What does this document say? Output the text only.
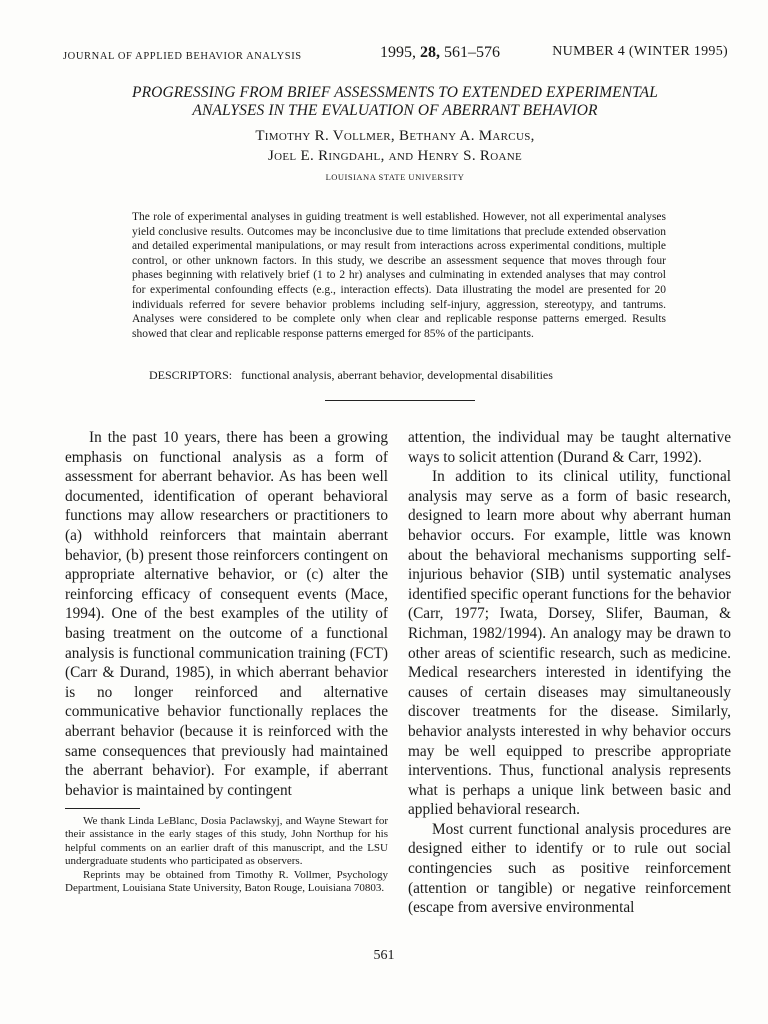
JOURNAL OF APPLIED BEHAVIOR ANALYSIS	1995, 28, 561–576	NUMBER 4 (WINTER 1995)
PROGRESSING FROM BRIEF ASSESSMENTS TO EXTENDED EXPERIMENTAL
ANALYSES IN THE EVALUATION OF ABERRANT BEHAVIOR
Timothy R. Vollmer, Bethany A. Marcus,
Joel E. Ringdahl, and Henry S. Roane
LOUISIANA STATE UNIVERSITY

The role of experimental analyses in guiding treatment is well established. However, not all experimental analyses yield conclusive results. Outcomes may be inconclusive due to time limitations that preclude extended observation and detailed experimental manipulations, or may result from interactions across experimental conditions, multiple control, or other unknown factors. In this study, we describe an assessment sequence that moves through four phases beginning with relatively brief (1 to 2 hr) analyses and culminating in extended analyses that may control for experimental confounding effects (e.g., interaction effects). Data illustrating the model are presented for 20 individuals referred for severe behavior problems including self-injury, aggression, stereotypy, and tantrums. Analyses were considered to be complete only when clear and replicable response patterns emerged. Results showed that clear and replicable response patterns emerged for 85% of the participants.

DESCRIPTORS: functional analysis, aberrant behavior, developmental disabilities

In the past 10 years, there has been a growing emphasis on functional analysis as a form of assessment for aberrant behavior. As has been well documented, identification of operant behavioral functions may allow researchers or practitioners to (a) withhold reinforcers that maintain aberrant behavior, (b) present those reinforcers contingent on appropriate alternative behavior, or (c) alter the reinforcing efficacy of consequent events (Mace, 1994). One of the best examples of the utility of basing treatment on the outcome of a functional analysis is functional communication training (FCT) (Carr & Durand, 1985), in which aberrant behavior is no longer reinforced and alternative communicative behavior functionally replaces the aberrant behavior (because it is reinforced with the same consequences that previously had maintained the aberrant behavior). For example, if aberrant behavior is maintained by contingent

We thank Linda LeBlanc, Dosia Paclawskyj, and Wayne Stewart for their assistance in the early stages of this study, John Northup for his helpful comments on an earlier draft of this manuscript, and the LSU undergraduate students who participated as observers.

Reprints may be obtained from Timothy R. Vollmer, Psychology Department, Louisiana State University, Baton Rouge, Louisiana 70803.

attention, the individual may be taught alternative ways to solicit attention (Durand & Carr, 1992).

In addition to its clinical utility, functional analysis may serve as a form of basic research, designed to learn more about why aberrant human behavior occurs. For example, little was known about the behavioral mechanisms supporting self-injurious behavior (SIB) until systematic analyses identified specific operant functions for the behavior (Carr, 1977; Iwata, Dorsey, Slifer, Bauman, & Richman, 1982/1994). An analogy may be drawn to other areas of scientific research, such as medicine. Medical researchers interested in identifying the causes of certain diseases may simultaneously discover treatments for the disease. Similarly, behavior analysts interested in why behavior occurs may be well equipped to prescribe appropriate interventions. Thus, functional analysis represents what is perhaps a unique link between basic and applied behavioral research.

Most current functional analysis procedures are designed either to identify or to rule out social contingencies such as positive reinforcement (attention or tangible) or negative reinforcement (escape from aversive environmental

561
